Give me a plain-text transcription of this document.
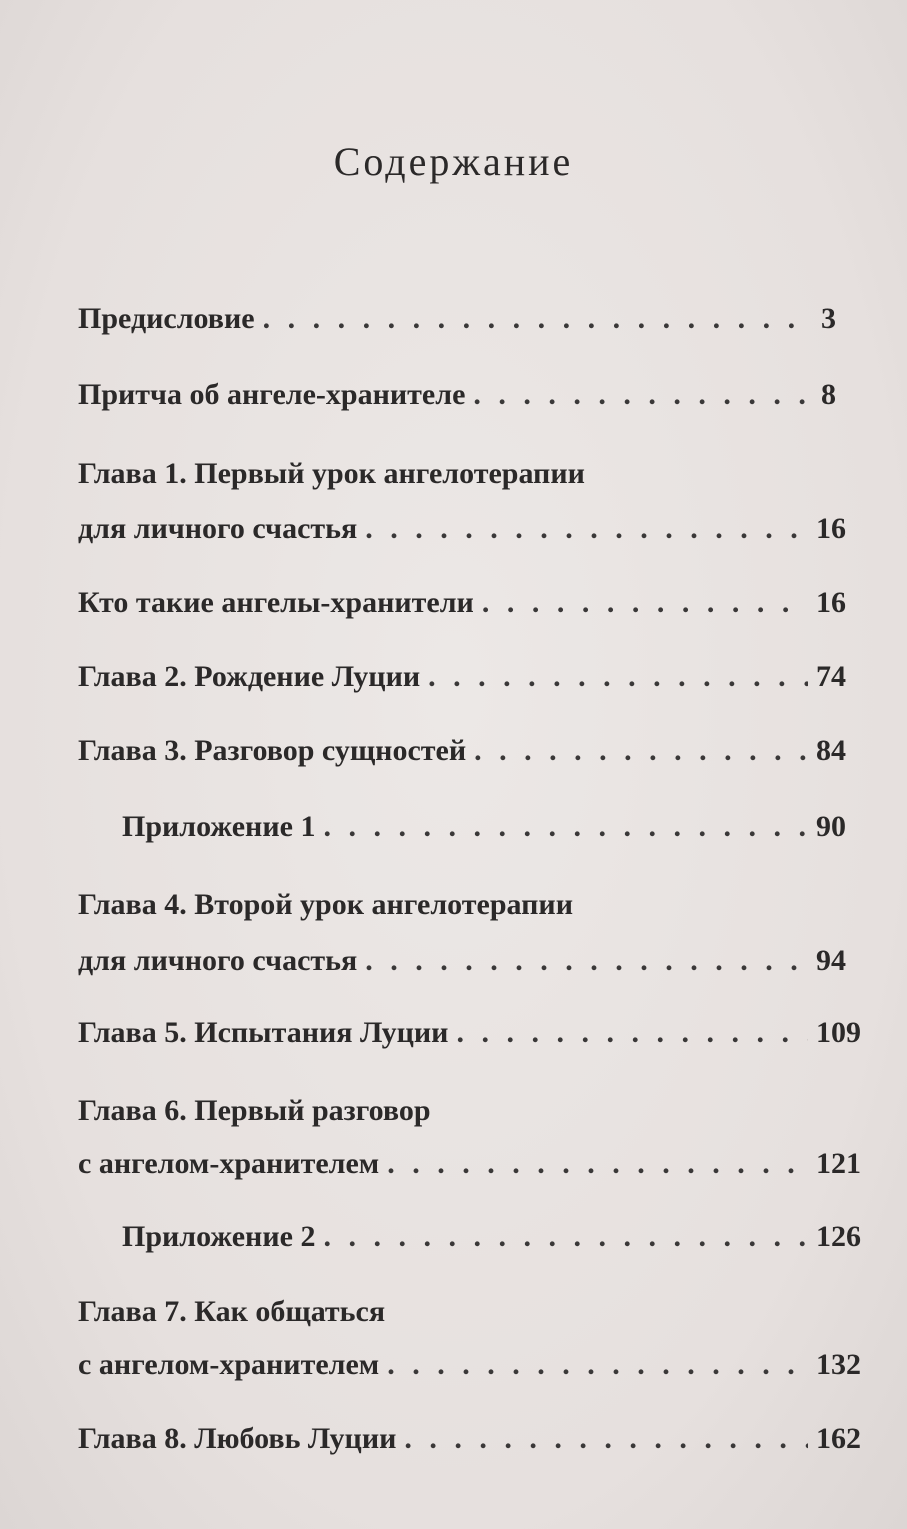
Содержание
Предисловие . . .	3
Притча об ангеле-хранителе . . .	8
Глава 1. Первый урок ангелотерапии
для личного счастья . . .	16
Кто такие ангелы-хранители . . .	16
Глава 2. Рождение Луции . . .	74
Глава 3. Разговор сущностей . . .	84
Приложение 1 . . .	90
Глава 4. Второй урок ангелотерапии
для личного счастья . . .	94
Глава 5. Испытания Луции . . .	109
Глава 6. Первый разговор
с ангелом-хранителем . . .	121
Приложение 2 . . .	126
Глава 7. Как общаться
с ангелом-хранителем . . .	132
Глава 8. Любовь Луции . . .	162
